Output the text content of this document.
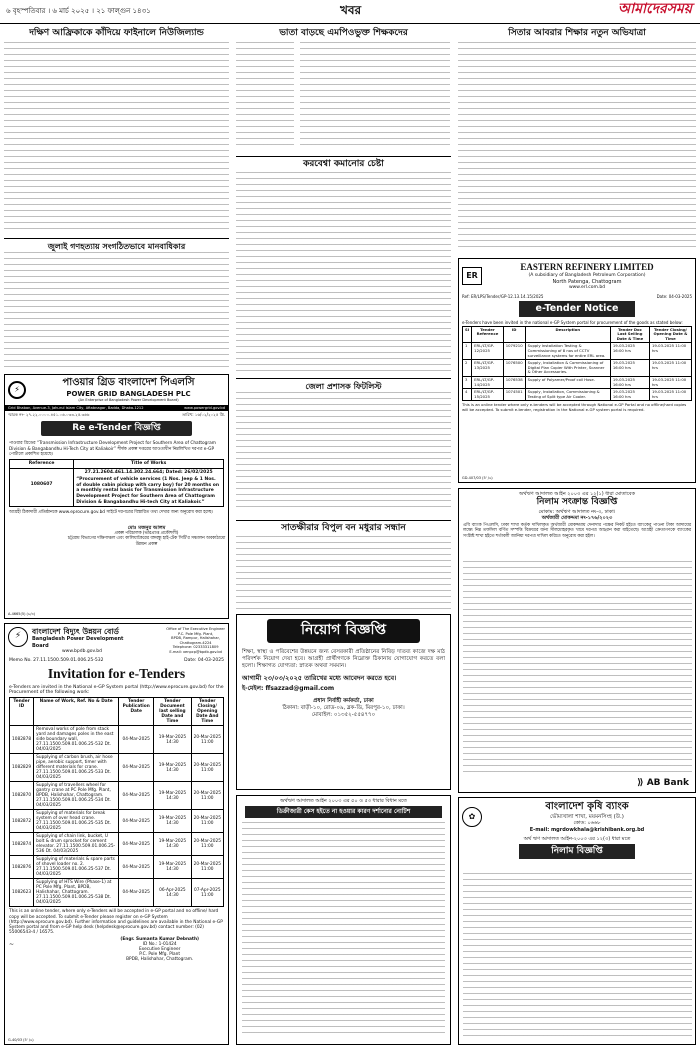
৬ বৃহস্পতিবার । ৬ মার্চ ২০২৫ । ২১ ফাল্গুন ১৪৩১	খবর	আমাদেরসময়
দক্ষিণ আফ্রিকাকে কাঁদিয়ে ফাইনালে নিউজিল্যান্ড	ভাতা বাড়ছে এমপিওভুক্ত শিক্ষকদের	সিতার আবরার শিক্ষার নতুন অভিযাত্রা
জুলাই গণহত্যায় সংগঠিতভাবে মানবাধিকার
করবেশ্বা কমানোর চেষ্টা
জেলা প্রশাসক ফিটলিস্ট
সাতক্ষীরার বিপুল বন মধুরার সন্ধান
⚡
পাওয়ার গ্রিড বাংলাদেশ পিএলসি
POWER GRID BANGLADESH PLC
(An Enterprise of Bangladesh Power Development Board)
Grid Bhaban, Avenue-3, Jahurul Islam City, Aftabnagar, Badda, Dhaka-1212	www.powergrid.gov.bd
স্মারক নং- ২৭.২২.০০০০.৪৫১.০৬.০৩৩.২৫.৩৬৬	তারিখ: ১৬/০২/২০২৫ খ্রি.
Re e-Tender বিজ্ঞপ্তি
পাওয়ার গ্রিডের “Transmission Infrastructure Development Project for Southern Area of Chattogram Division & Bangabandhu Hi-Tech City at Kaliakoir” শীর্ষক প্রকল্প দপ্তরের আওতাধীন নিম্নলিখিত দরপত্র e-GP পোর্টালে প্রকাশিত হয়েছে।
Reference	Title of Works

1080607	27.21.2604.461.14.302.24.664; Dated: 26/02/2025
“Procurement of vehicle services (1 Nos. Jeep & 1 Nos. of double cabin pickup with carry boy) for 20 months on a monthly rental basis for Transmission Infrastructure Development Project for Southern Area of Chattogram Division & Bangabandhu Hi-tech City at Kaliakoir.”
আগ্রহী ঠিকাদারী প্রতিষ্ঠানকে www.eprocure.gov.bd সাইটে দরপত্রের বিস্তারিত তথ্য দেখার জন্য অনুরোধ করা হচ্ছে।
মোঃ মজনুর আলম
প্রকল্প পরিচালক (ভারপ্রাপ্ত প্রকৌশলী)
চট্টগ্রাম বিভাগের দক্ষিণাঞ্চল এবং কালিয়াকৈরের বঙ্গবন্ধু হাই-টেক সিটি'র সঞ্চালন অবকাঠামো উন্নয়ন প্রকল্প
A-4665(5) (৬/৩)
⚡	বাংলাদেশ বিদ্যুৎ উন্নয়ন বোর্ড
Bangladesh Power Development Board
www.bpdb.gov.bd
Office of The Executive Engineer
P.C. Pole Mfg. Plant,
BPDB, Rampur, Halishahar,
Chattogram-4224
Telephone: 02333311809
E-mail: xenpcp@bpdb.gov.bd
Memo No. 27.11.1500.509.01.006.25-532	Date: 04-03-2025
Invitation for e-Tenders
e-Tenders are invited in the National e-GP System portal (http://www.eprocure.gov.bd) for the Procurement of the following work:
Tender ID	Name of Work, Ref. No & Date	Tender Publication Date	Tender Document last selling Date and Time	Tender Closing/ Opening Date And Time
1082878	Removal works of pole from stack yard and damages poles in the east side boundary wall, 27.11.1500.509.01.006.25-532 Dt. 04/03/2025	04-Mar-2025	19-Mar-2025 14:30	20-Mar-2025 11:00
1082829	Supplying of carbon brush, air hose pipe, aerobic support, timer with different materials for crane. 27.11.1500.509.01.006.25-533 Dt. 04/03/2025	04-Mar-2025	19-Mar-2025 14:30	20-Mar-2025 11:00
1082870	Supplying of travellers wheel for gantry crane at PC Pole Mfg. Plant, BPDB, Halishahar, Chattogram. 27.11.1500.509.01.006.25-534 Dt. 04/03/2025	04-Mar-2025	19-Mar-2025 14:30	20-Mar-2025 11:00
1082872	Supplying of materials for break system of over head crane. 27.11.1500.509.01.006.25-535 Dt. 04/03/2025	04-Mar-2025	19-Mar-2025 14:30	20-Mar-2025 11:00
1082874	Supplying of chain link, bucket, U bolt & drum sprocket for cement elevator. 27.11.1500.509.01.006.25-536 Dt. 04/03/2025	04-Mar-2025	19-Mar-2025 14:30	20-Mar-2025 11:00
1082876	Supplying of materials & spare parts of shovel loader no. 2. 27.11.1500.509.01.006.25-537 Dt. 04/03/2025	04-Mar-2025	19-Mar-2025 14:30	20-Mar-2025 11:00
1082623	Supplying of HTS Wire (Phase-1) at PC Pole Mfg. Plant, BPDB, Halishahar, Chattogram. 27.11.1500.509.01.006.25-538 Dt. 04/03/2025	04-Mar-2025	06-Apr-2025 14:30	07-Apr-2025 11:00
This is an online tender, where only e-Tenders will be accepted in e-GP portal and no offline/ hard copy will be accepted. To submit e-Tender please register on e-GP System (http://www.eprocure.gov.bd). Further information and guidelines are available in the National e-GP System portal and from e-GP help desk (helpdesk@eprocure.gov.bd) contact number: (02) 55006543-4 / 16575.
~
(Engr. Sumanta Kumar Debnath)
ID No.: 1-01424
Executive Engineer
P.C. Pole Mfg. Plant
BPDB, Halishahar, Chattogram.
G-40/03 (5' /৬)
নিয়োগ বিজ্ঞপ্তি
শিক্ষা, স্বাস্থ্য ও পরিবেশের উন্নয়নে জন্য বেসরকারী প্রতিষ্ঠানের নিবিড় দাতব্য কাজে দক্ষ মাঠ পরিদর্শক নিয়োগ দেয়া হবে। আগ্রহী প্রার্থীগণকে নিম্নোক্ত ঠিকানায় যোগাযোগ করতে বলা হলো। শিক্ষাগত যোগ্যতা: স্নাতক অথবা সমমান।
আগামী ২৩/০৩/২০২৫ তারিখের মধ্যে আবেদন করতে হবে।
ই-মেইল: ffsazzad@gmail.com
প্রধান নির্বাহী কর্মকর্তা, ঢাকা
ঠিকানা: বাড়ী-১০, রোড-০৯, ব্লক-ডি, মিরপুর-১০, ঢাকা।
মোবাইল: ০১৩৫২-৫৫৪৭৭০
অর্থঋণ আদালত আইন ২০০৩ এর ৫০ ও ৫৩ ধারার বিধান মতে
ডিক্রীজারী কেস হইতে না হওয়ার কারণ দর্শানোর নোটিশ
ER
EASTERN REFINERY LIMITED
(A subsidiary of Bangladesh Petroleum Corporation)
North Patenga, Chattogram
www.erl.com.bd
Ref: ER/LPS/Tender/GP-12.13.14.15/2025	Date: 04-03-2025
e-Tender Notice
e-Tenders have been invited in the national e-GP System portal for procurement of the goods as stated below:
SI	Tender Reference	ID	Description	Tender Doc Last Selling Date & Time	Tender Closing/ Opening Date & Time
1	ERL/LT/GP-12/2025	1079210	Supply Installation Testing & Commissioning of 8 nos of CCTV surveillance systems for entire ERL area.	19-03-2025 16:00 hrs	19-03-2025 11:00 hrs
2	ERL/LT/GP-13/2025	1076500	Supply, Installation & Commissioning of Digital Plan Copier With Printer, Scanner & Other Accessories.	19-03-2025 16:00 hrs	19-03-2025 11:00 hrs
3	ERL/LT/GP-14/2025	1076538	Supply of Polyamer/Proof coil Hose.	19-03-2025 16:00 hrs	19-03-2025 11:00 hrs
4	ERL/LT/GP-15/2025	1074501	Supply, Installation, Commissioning & Testing of Split type Air Cooler.	19-03-2025 16:00 hrs	19-03-2025 11:00 hrs
This is an online tender where only e-tenders will be accepted through National e-GP Portal and no offline/hard copies will be accepted. To submit e-tender, registration in the National e-GP system portal is required.
GD-407/03 (5' /৬)
অর্থঋণ আদালত আইন ২০০৩ এর ১২(১) ধারা মোতাবেক
নিলাম সংক্রান্ত বিজ্ঞপ্তি
মোকাম: অর্থঋণ আদালত নং-৩, ঢাকা।
অর্থজারী মোকদ্দমা নং-১৭৬/২০২৩
এবি ব্যাংক পিএলসি, ঢাকা শাখা কর্তৃক দাখিলকৃত অর্থজারী মোকদ্দমায় দেনাদার পক্ষের নিকট হইতে ব্যাংকের পাওনা টাকা আদায়ের লক্ষ্যে নিম্ন তফসিল বর্ণিত সম্পত্তি বিক্রয়ের জন্য সীলমোহরকৃত খামে দরপত্র আহ্বান করা যাইতেছে। আগ্রহী ক্রেতাগণকে ব্যাংকের সংশ্লিষ্ট শাখা হইতে শর্তাবলী জানিয়া দরপত্র দাখিল করিতে অনুরোধ করা হইল।
⟫ AB Bank
✿
বাংলাদেশ কৃষি ব্যাংক
ভৌম্যখালা শাখা, ময়মনসিংহ (উ.)
কোড: ০৬৬৮
E-mail: mgrdowkhala@krishibank.org.bd
অর্থ ঋণ আদালত আইন-২০০৩ এর ১২(৩) ধারা মতে
নিলাম বিজ্ঞপ্তি
